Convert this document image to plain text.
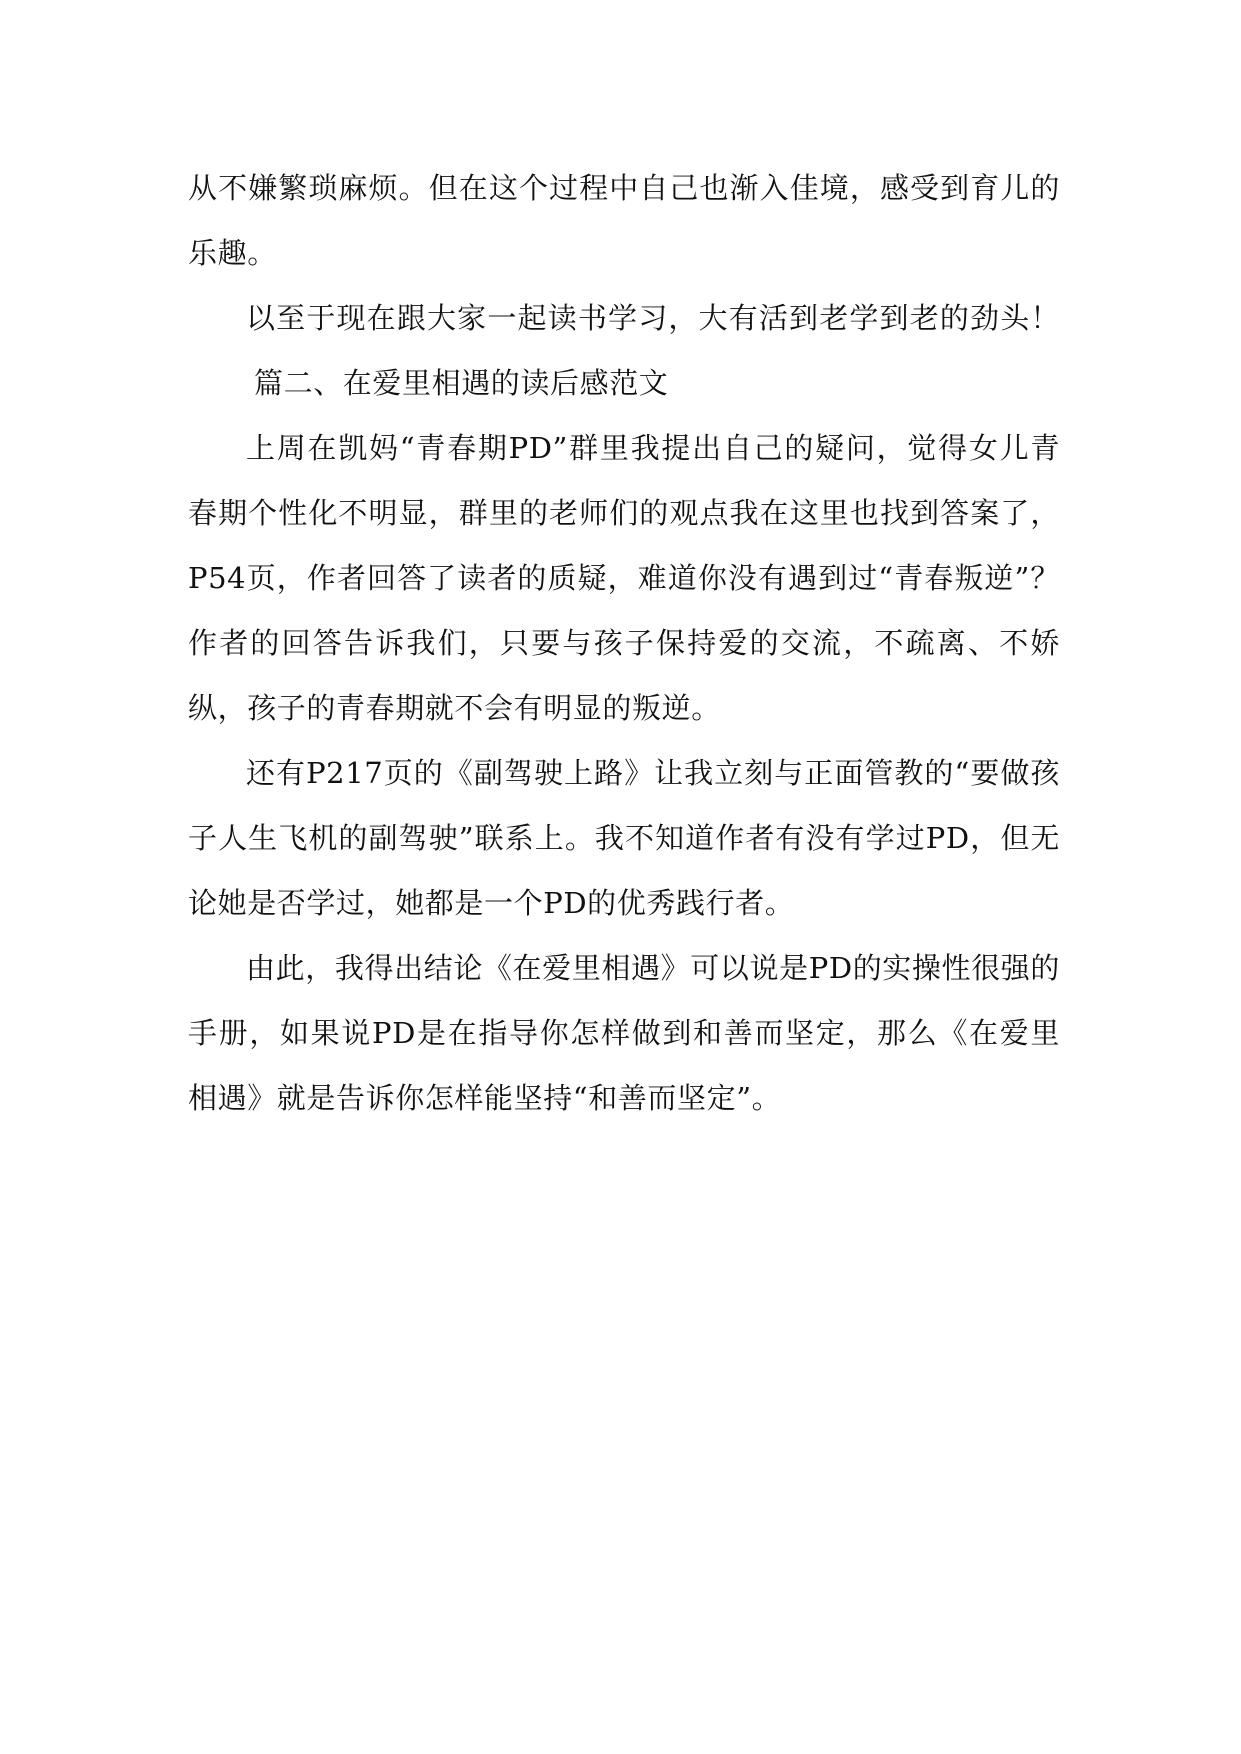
从不嫌繁琐麻烦。但在这个过程中自己也渐入佳境，感受到育儿的乐趣。

以至于现在跟大家一起读书学习，大有活到老学到老的劲头！篇二、在爱里相遇的读后感范文

上周在凯妈“青春期PD”群里我提出自己的疑问，觉得女儿青春期个性化不明显，群里的老师们的观点我在这里也找到答案了，P54页，作者回答了读者的质疑，难道你没有遇到过“青春叛逆”？作者的回答告诉我们，只要与孩子保持爱的交流，不疏离、不娇纵，孩子的青春期就不会有明显的叛逆。

还有P217页的《副驾驶上路》让我立刻与正面管教的“要做孩子人生飞机的副驾驶”联系上。我不知道作者有没有学过PD，但无论她是否学过，她都是一个PD的优秀践行者。

由此，我得出结论《在爱里相遇》可以说是PD的实操性很强的手册，如果说PD是在指导你怎样做到和善而坚定，那么《在爱里相遇》就是告诉你怎样能坚持“和善而坚定”。
